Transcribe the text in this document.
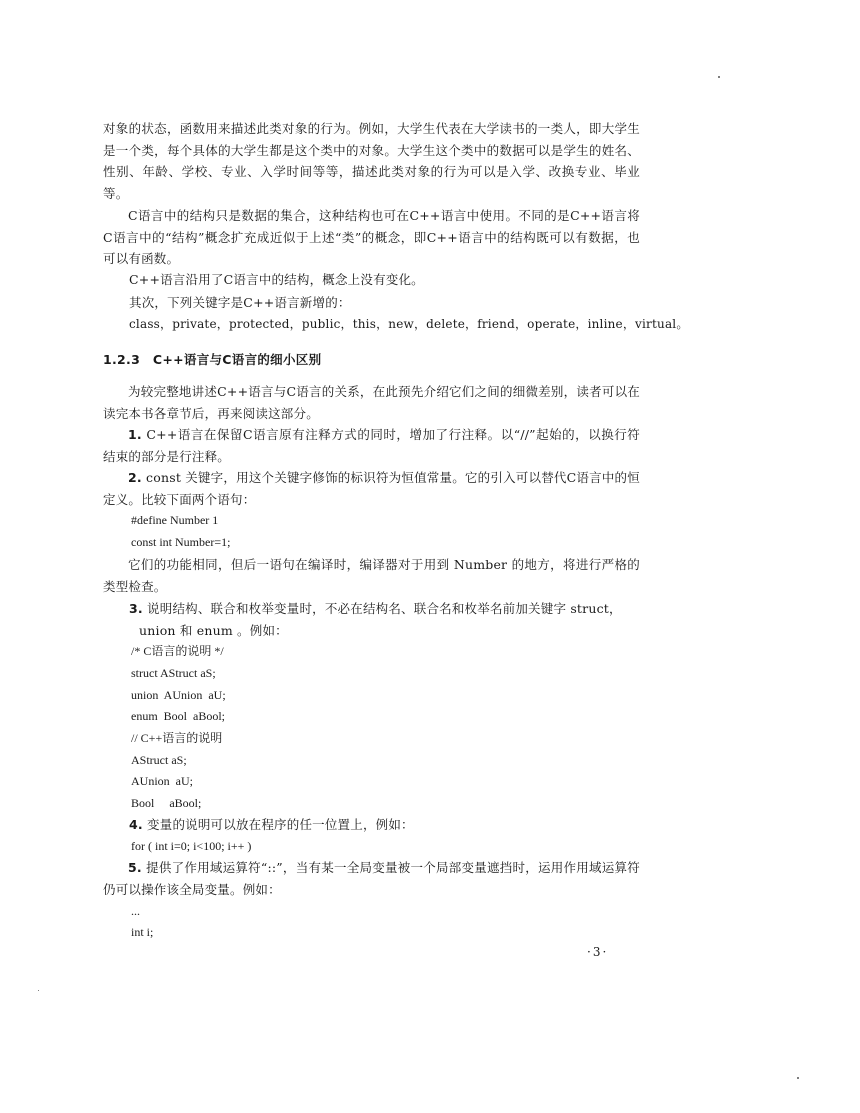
对象的状态，函数用来描述此类对象的行为。例如，大学生代表在大学读书的一类人，即大学生是一个类，每个具体的大学生都是这个类中的对象。大学生这个类中的数据可以是学生的姓名、性别、年龄、学校、专业、入学时间等等，描述此类对象的行为可以是入学、改换专业、毕业等。

C语言中的结构只是数据的集合，这种结构也可在C++语言中使用。不同的是C++语言将C语言中的“结构”概念扩充成近似于上述“类”的概念，即C++语言中的结构既可以有数据，也可以有函数。

C++语言沿用了C语言中的结构，概念上没有变化。

其次，下列关键字是C++语言新增的：

class，private，protected，public，this，new，delete，friend，operate，inline，virtual。

1.2.3　C++语言与C语言的细小区别

为较完整地讲述C++语言与C语言的关系，在此预先介绍它们之间的细微差别，读者可以在读完本书各章节后，再来阅读这部分。

1. C++语言在保留C语言原有注释方式的同时，增加了行注释。以“//”起始的，以换行符结束的部分是行注释。

2. const 关键字，用这个关键字修饰的标识符为恒值常量。它的引入可以替代C语言中的恒定义。比较下面两个语句：

#define Number 1

const int Number=1;

它们的功能相同，但后一语句在编译时，编译器对于用到 Number 的地方，将进行严格的类型检查。

3. 说明结构、联合和枚举变量时，不必在结构名、联合名和枚举名前加关键字 struct，

union 和 enum 。例如：

/* C语言的说明 */

struct AStruct aS;

union  AUnion  aU;

enum  Bool  aBool;

// C++语言的说明

AStruct aS;

AUnion  aU;

Bool     aBool;

4. 变量的说明可以放在程序的任一位置上，例如：

for ( int i=0; i<100; i++ )

5. 提供了作用域运算符“::”，当有某一全局变量被一个局部变量遮挡时，运用作用域运算符仍可以操作该全局变量。例如：

...

int i;

·3·
